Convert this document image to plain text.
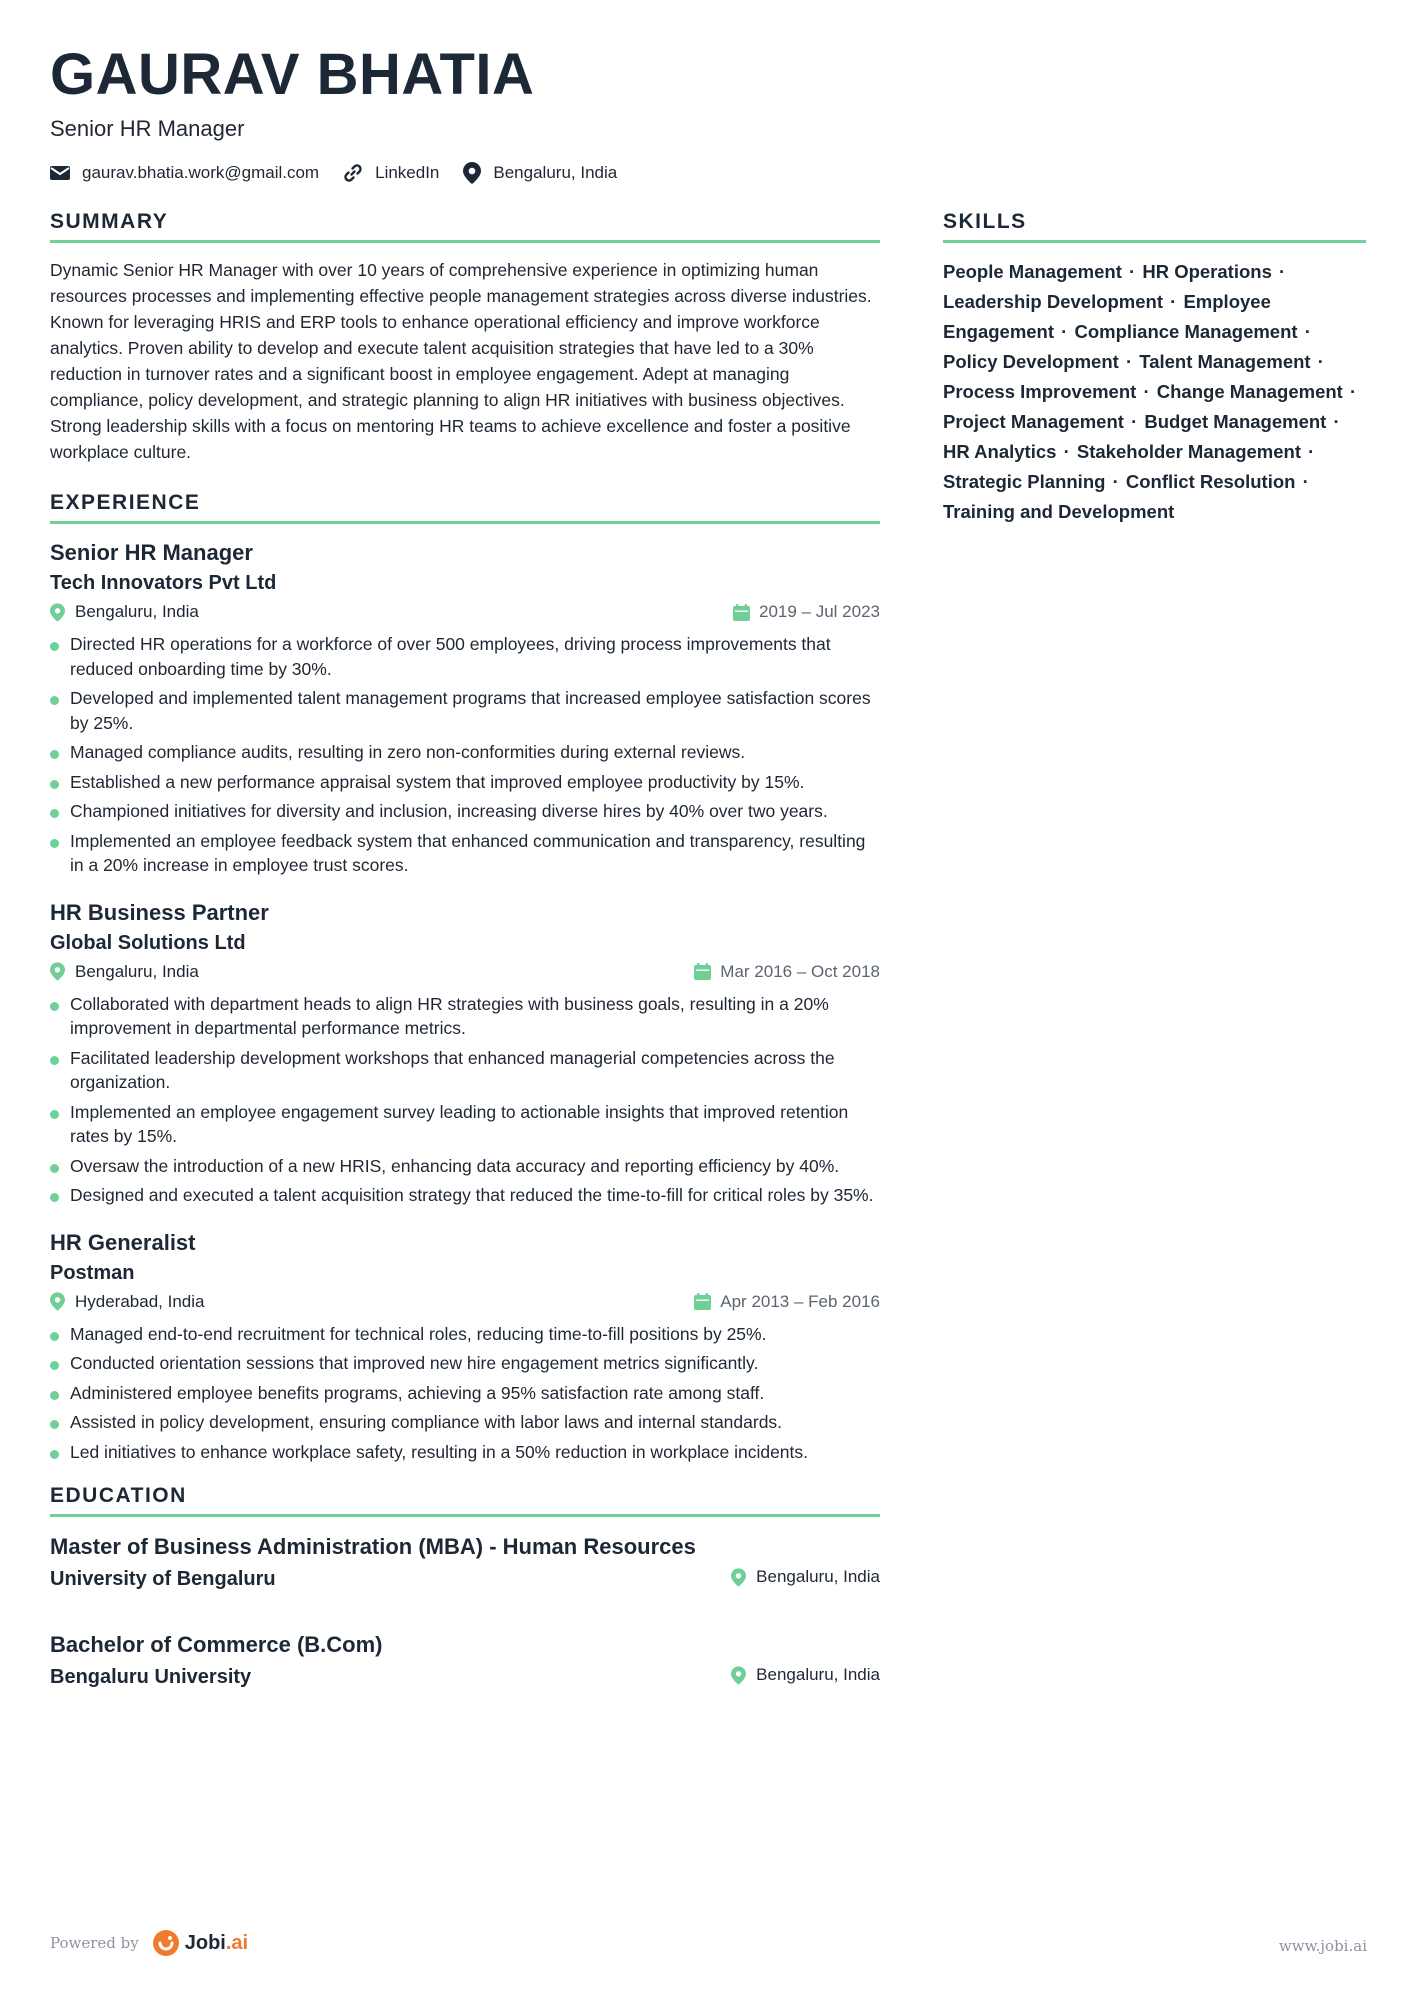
GAURAV BHATIA
Senior HR Manager
gaurav.bhatia.work@gmail.com	LinkedIn	Bengaluru, India
SUMMARY

Dynamic Senior HR Manager with over 10 years of comprehensive experience in optimizing human resources processes and implementing effective people management strategies across diverse industries. Known for leveraging HRIS and ERP tools to enhance operational efficiency and improve workforce analytics. Proven ability to develop and execute talent acquisition strategies that have led to a 30% reduction in turnover rates and a significant boost in employee engagement. Adept at managing compliance, policy development, and strategic planning to align HR initiatives with business objectives. Strong leadership skills with a focus on mentoring HR teams to achieve excellence and foster a positive workplace culture.

EXPERIENCE
Senior HR Manager
Tech Innovators Pvt Ltd
Bengaluru, India	2019 – Jul 2023
Directed HR operations for a workforce of over 500 employees, driving process improvements that reduced onboarding time by 30%.
Developed and implemented talent management programs that increased employee satisfaction scores by 25%.
Managed compliance audits, resulting in zero non-conformities during external reviews.
Established a new performance appraisal system that improved employee productivity by 15%.
Championed initiatives for diversity and inclusion, increasing diverse hires by 40% over two years.
Implemented an employee feedback system that enhanced communication and transparency, resulting in a 20% increase in employee trust scores.
HR Business Partner
Global Solutions Ltd
Bengaluru, India	Mar 2016 – Oct 2018
Collaborated with department heads to align HR strategies with business goals, resulting in a 20% improvement in departmental performance metrics.
Facilitated leadership development workshops that enhanced managerial competencies across the organization.
Implemented an employee engagement survey leading to actionable insights that improved retention rates by 15%.
Oversaw the introduction of a new HRIS, enhancing data accuracy and reporting efficiency by 40%.
Designed and executed a talent acquisition strategy that reduced the time-to-fill for critical roles by 35%.
HR Generalist
Postman
Hyderabad, India	Apr 2013 – Feb 2016
Managed end-to-end recruitment for technical roles, reducing time-to-fill positions by 25%.
Conducted orientation sessions that improved new hire engagement metrics significantly.
Administered employee benefits programs, achieving a 95% satisfaction rate among staff.
Assisted in policy development, ensuring compliance with labor laws and internal standards.
Led initiatives to enhance workplace safety, resulting in a 50% reduction in workplace incidents.
EDUCATION
Master of Business Administration (MBA) - Human Resources
University of Bengaluru	Bengaluru, India
Bachelor of Commerce (B.Com)
Bengaluru University	Bengaluru, India
SKILLS
People Management · HR Operations · Leadership Development · Employee Engagement · Compliance Management · Policy Development · Talent Management · Process Improvement · Change Management · Project Management · Budget Management · HR Analytics · Stakeholder Management · Strategic Planning · Conflict Resolution · Training and Development
Powered by Jobi .ai	www.jobi.ai
